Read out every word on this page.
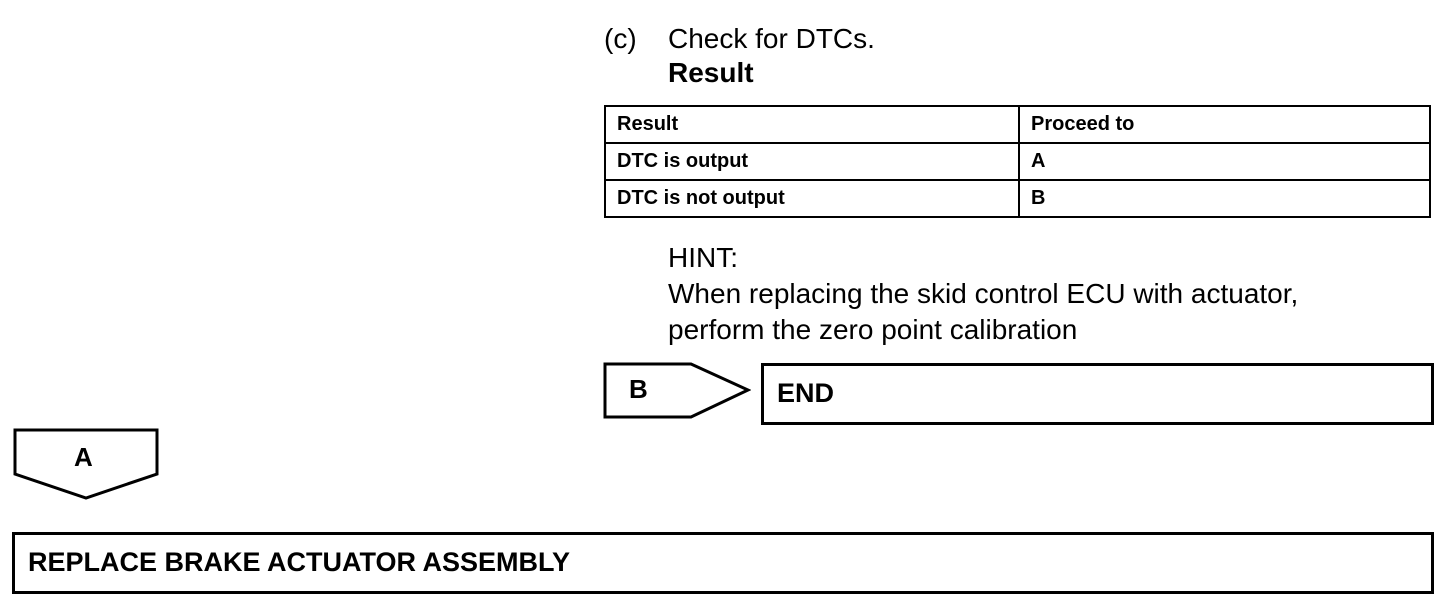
(c) Check for DTCs.
Result
Result	Proceed to
DTC is output	A
DTC is not output	B
HINT:
When replacing the skid control ECU with actuator,
perform the zero point calibration
B	END
A
REPLACE BRAKE ACTUATOR ASSEMBLY
